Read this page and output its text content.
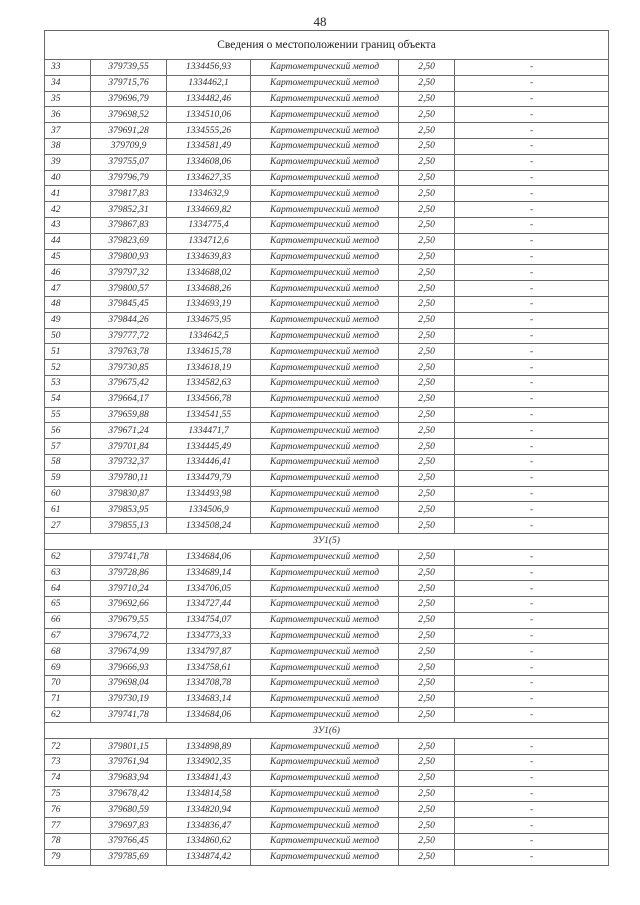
48
Сведения о местоположении границ объекта					
33	379739,55	1334456,93	Картометрический метод	2,50	-
34	379715,76	1334462,1	Картометрический метод	2,50	-
35	379696,79	1334482,46	Картометрический метод	2,50	-
36	379698,52	1334510,06	Картометрический метод	2,50	-
37	379691,28	1334555,26	Картометрический метод	2,50	-
38	379709,9	1334581,49	Картометрический метод	2,50	-
39	379755,07	1334608,06	Картометрический метод	2,50	-
40	379796,79	1334627,35	Картометрический метод	2,50	-
41	379817,83	1334632,9	Картометрический метод	2,50	-
42	379852,31	1334669,82	Картометрический метод	2,50	-
43	379867,83	1334775,4	Картометрический метод	2,50	-
44	379823,69	1334712,6	Картометрический метод	2,50	-
45	379800,93	1334639,83	Картометрический метод	2,50	-
46	379797,32	1334688,02	Картометрический метод	2,50	-
47	379800,57	1334688,26	Картометрический метод	2,50	-
48	379845,45	1334693,19	Картометрический метод	2,50	-
49	379844,26	1334675,95	Картометрический метод	2,50	-
50	379777,72	1334642,5	Картометрический метод	2,50	-
51	379763,78	1334615,78	Картометрический метод	2,50	-
52	379730,85	1334618,19	Картометрический метод	2,50	-
53	379675,42	1334582,63	Картометрический метод	2,50	-
54	379664,17	1334566,78	Картометрический метод	2,50	-
55	379659,88	1334541,55	Картометрический метод	2,50	-
56	379671,24	1334471,7	Картометрический метод	2,50	-
57	379701,84	1334445,49	Картометрический метод	2,50	-
58	379732,37	1334446,41	Картометрический метод	2,50	-
59	379780,11	1334479,79	Картометрический метод	2,50	-
60	379830,87	1334493,98	Картометрический метод	2,50	-
61	379853,95	1334506,9	Картометрический метод	2,50	-
27	379855,13	1334508,24	Картометрический метод	2,50	-
ЗУ1(5)					
62	379741,78	1334684,06	Картометрический метод	2,50	-
63	379728,86	1334689,14	Картометрический метод	2,50	-
64	379710,24	1334706,05	Картометрический метод	2,50	-
65	379692,66	1334727,44	Картометрический метод	2,50	-
66	379679,55	1334754,07	Картометрический метод	2,50	-
67	379674,72	1334773,33	Картометрический метод	2,50	-
68	379674,99	1334797,87	Картометрический метод	2,50	-
69	379666,93	1334758,61	Картометрический метод	2,50	-
70	379698,04	1334708,78	Картометрический метод	2,50	-
71	379730,19	1334683,14	Картометрический метод	2,50	-
62	379741,78	1334684,06	Картометрический метод	2,50	-
ЗУ1(6)					
72	379801,15	1334898,89	Картометрический метод	2,50	-
73	379761,94	1334902,35	Картометрический метод	2,50	-
74	379683,94	1334841,43	Картометрический метод	2,50	-
75	379678,42	1334814,58	Картометрический метод	2,50	-
76	379680,59	1334820,94	Картометрический метод	2,50	-
77	379697,83	1334836,47	Картометрический метод	2,50	-
78	379766,45	1334860,62	Картометрический метод	2,50	-
79	379785,69	1334874,42	Картометрический метод	2,50	-
